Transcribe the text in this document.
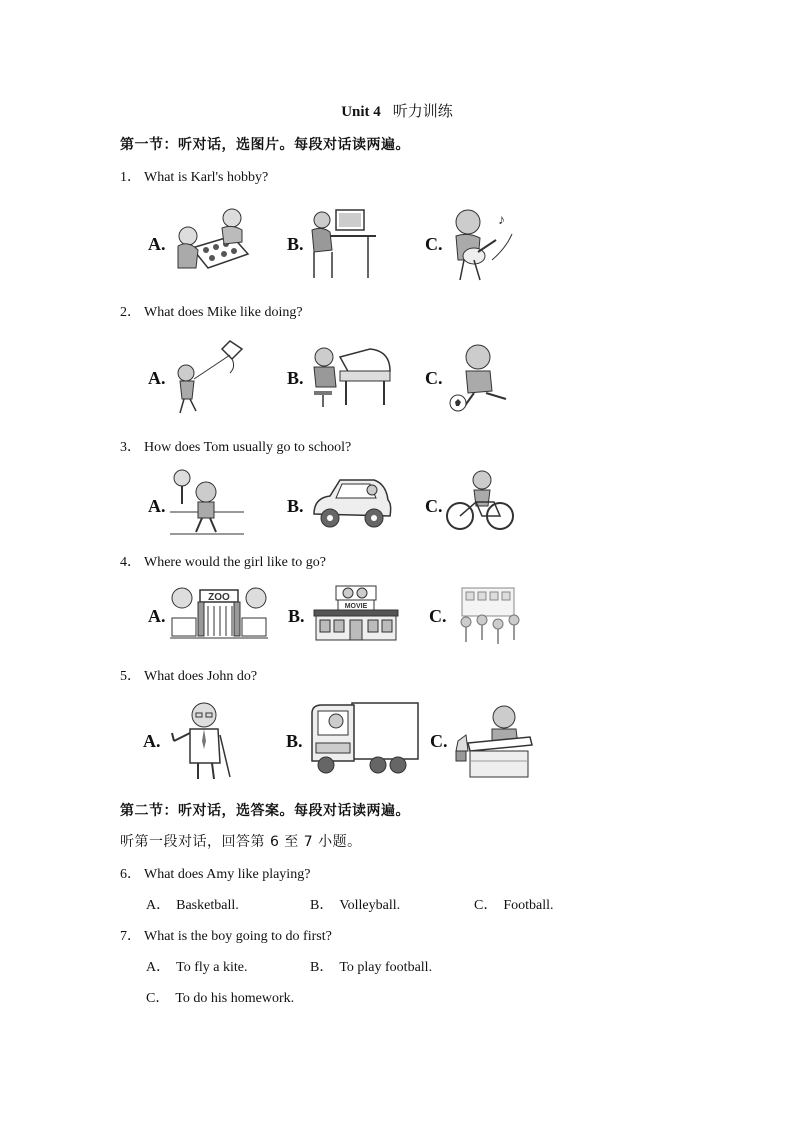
Unit 4 听力训练
第一节：听对话，选图片。每段对话读两遍。
1． What is Karl's hobby?
A.	B.	C.
♪
2． What does Mike like doing?
A.	B.	C.
3． How does Tom usually go to school?
A.	B.	C.
4． Where would the girl like to go?
A.
ZOO
B.	MOVIE	C.
5． What does John do?
A.	B.	C.
第二节：听对话，选答案。每段对话读两遍。
听第一段对话，回答第 6 至 7 小题。
6． What does Amy like playing?
A． Basketball.	B． Volleyball.	C． Football.
7． What is the boy going to do first?
A． To fly a kite.	B． To play football.
C． To do his homework.
